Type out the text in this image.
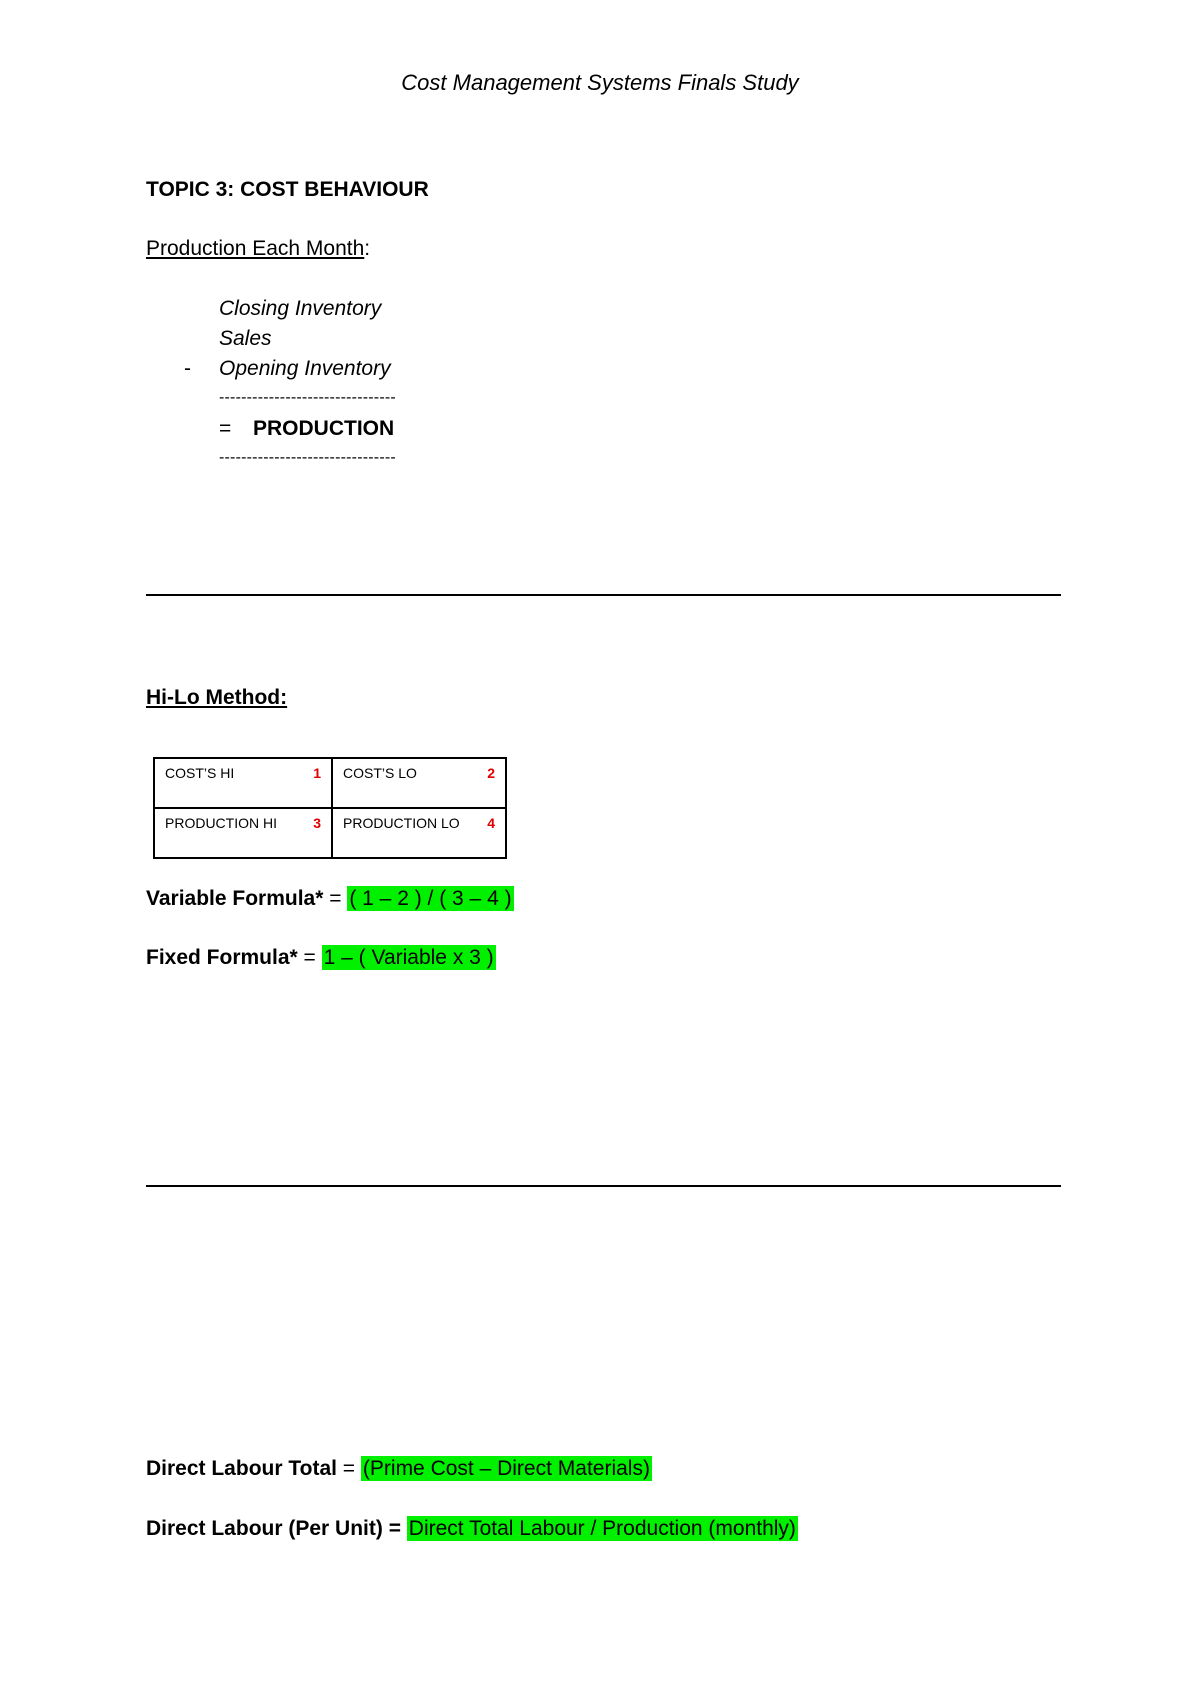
Cost Management Systems Finals Study
TOPIC 3: COST BEHAVIOUR
Production Each Month:
Closing Inventory
Sales
- Opening Inventory
--------------------------------
= PRODUCTION
--------------------------------
Hi-Lo Method:
COST’S HI 1	COST’S LO 2

PRODUCTION HI 3	PRODUCTION LO 4
Variable Formula* = ( 1 – 2 ) / ( 3 – 4 )
Fixed Formula* = 1 – ( Variable x 3 )
Direct Labour Total = (Prime Cost – Direct Materials)
Direct Labour (Per Unit) = Direct Total Labour / Production (monthly)
